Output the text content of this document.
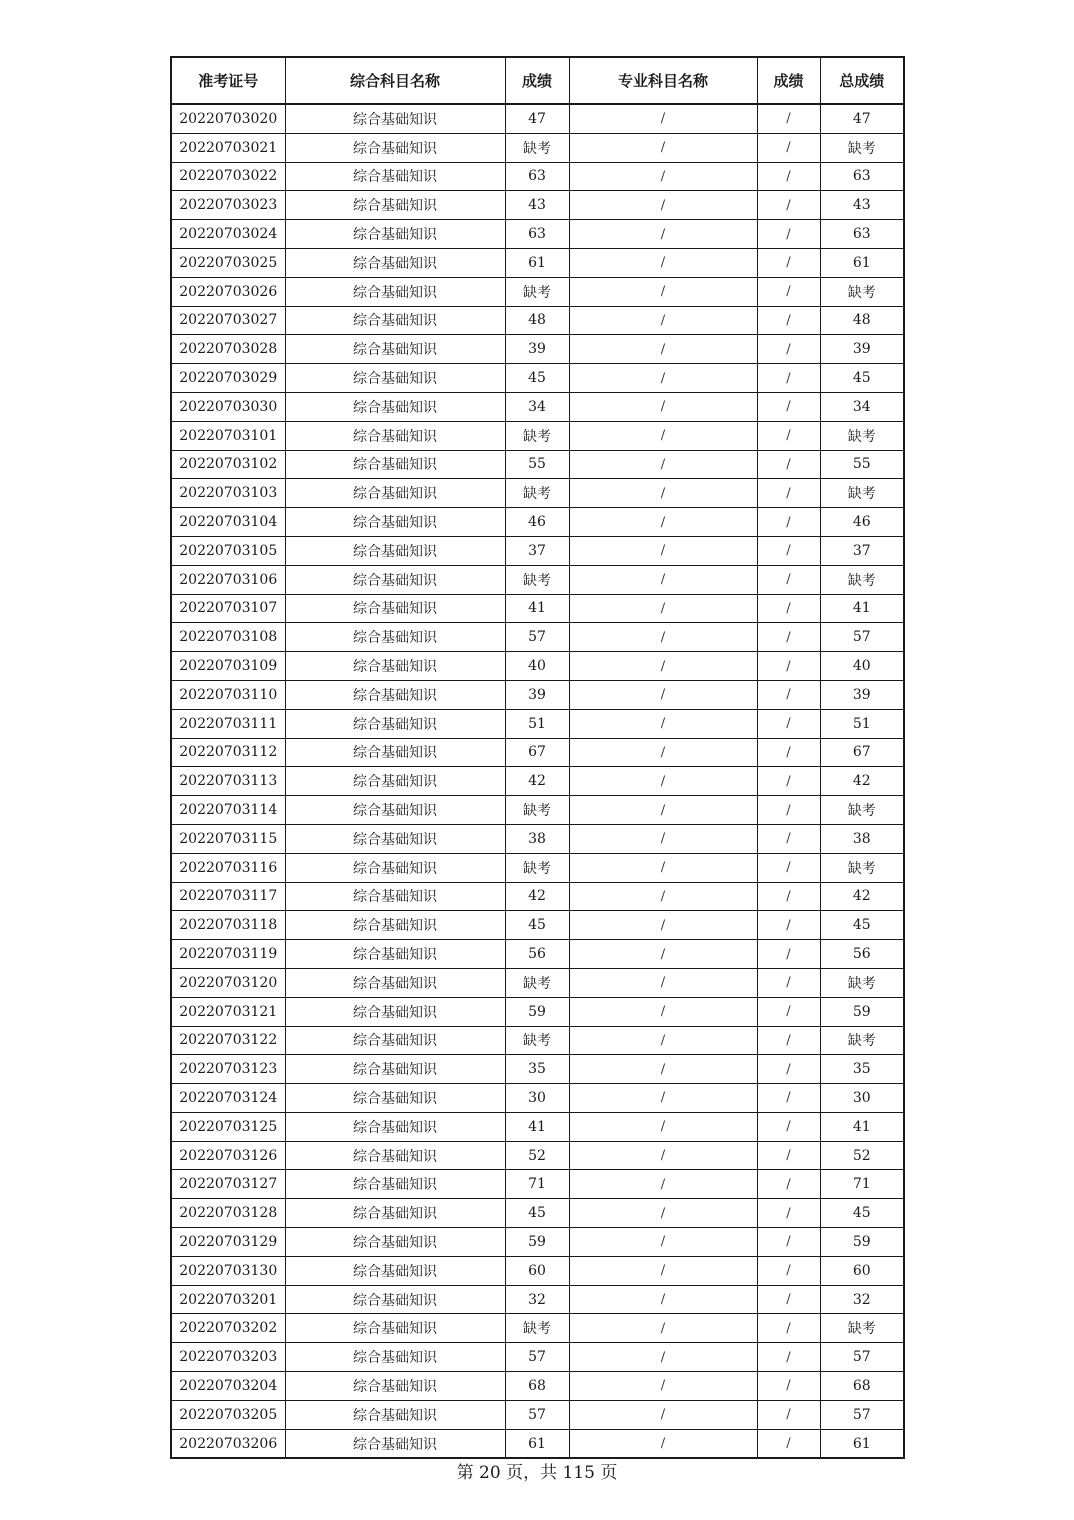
准考证号	综合科目名称	成绩	专业科目名称	成绩	总成绩
20220703020	综合基础知识	47	/	/	47
20220703021	综合基础知识	缺考	/	/	缺考
20220703022	综合基础知识	63	/	/	63
20220703023	综合基础知识	43	/	/	43
20220703024	综合基础知识	63	/	/	63
20220703025	综合基础知识	61	/	/	61
20220703026	综合基础知识	缺考	/	/	缺考
20220703027	综合基础知识	48	/	/	48
20220703028	综合基础知识	39	/	/	39
20220703029	综合基础知识	45	/	/	45
20220703030	综合基础知识	34	/	/	34
20220703101	综合基础知识	缺考	/	/	缺考
20220703102	综合基础知识	55	/	/	55
20220703103	综合基础知识	缺考	/	/	缺考
20220703104	综合基础知识	46	/	/	46
20220703105	综合基础知识	37	/	/	37
20220703106	综合基础知识	缺考	/	/	缺考
20220703107	综合基础知识	41	/	/	41
20220703108	综合基础知识	57	/	/	57
20220703109	综合基础知识	40	/	/	40
20220703110	综合基础知识	39	/	/	39
20220703111	综合基础知识	51	/	/	51
20220703112	综合基础知识	67	/	/	67
20220703113	综合基础知识	42	/	/	42
20220703114	综合基础知识	缺考	/	/	缺考
20220703115	综合基础知识	38	/	/	38
20220703116	综合基础知识	缺考	/	/	缺考
20220703117	综合基础知识	42	/	/	42
20220703118	综合基础知识	45	/	/	45
20220703119	综合基础知识	56	/	/	56
20220703120	综合基础知识	缺考	/	/	缺考
20220703121	综合基础知识	59	/	/	59
20220703122	综合基础知识	缺考	/	/	缺考
20220703123	综合基础知识	35	/	/	35
20220703124	综合基础知识	30	/	/	30
20220703125	综合基础知识	41	/	/	41
20220703126	综合基础知识	52	/	/	52
20220703127	综合基础知识	71	/	/	71
20220703128	综合基础知识	45	/	/	45
20220703129	综合基础知识	59	/	/	59
20220703130	综合基础知识	60	/	/	60
20220703201	综合基础知识	32	/	/	32
20220703202	综合基础知识	缺考	/	/	缺考
20220703203	综合基础知识	57	/	/	57
20220703204	综合基础知识	68	/	/	68
20220703205	综合基础知识	57	/	/	57
20220703206	综合基础知识	61	/	/	61
第 20 页，共 115 页
